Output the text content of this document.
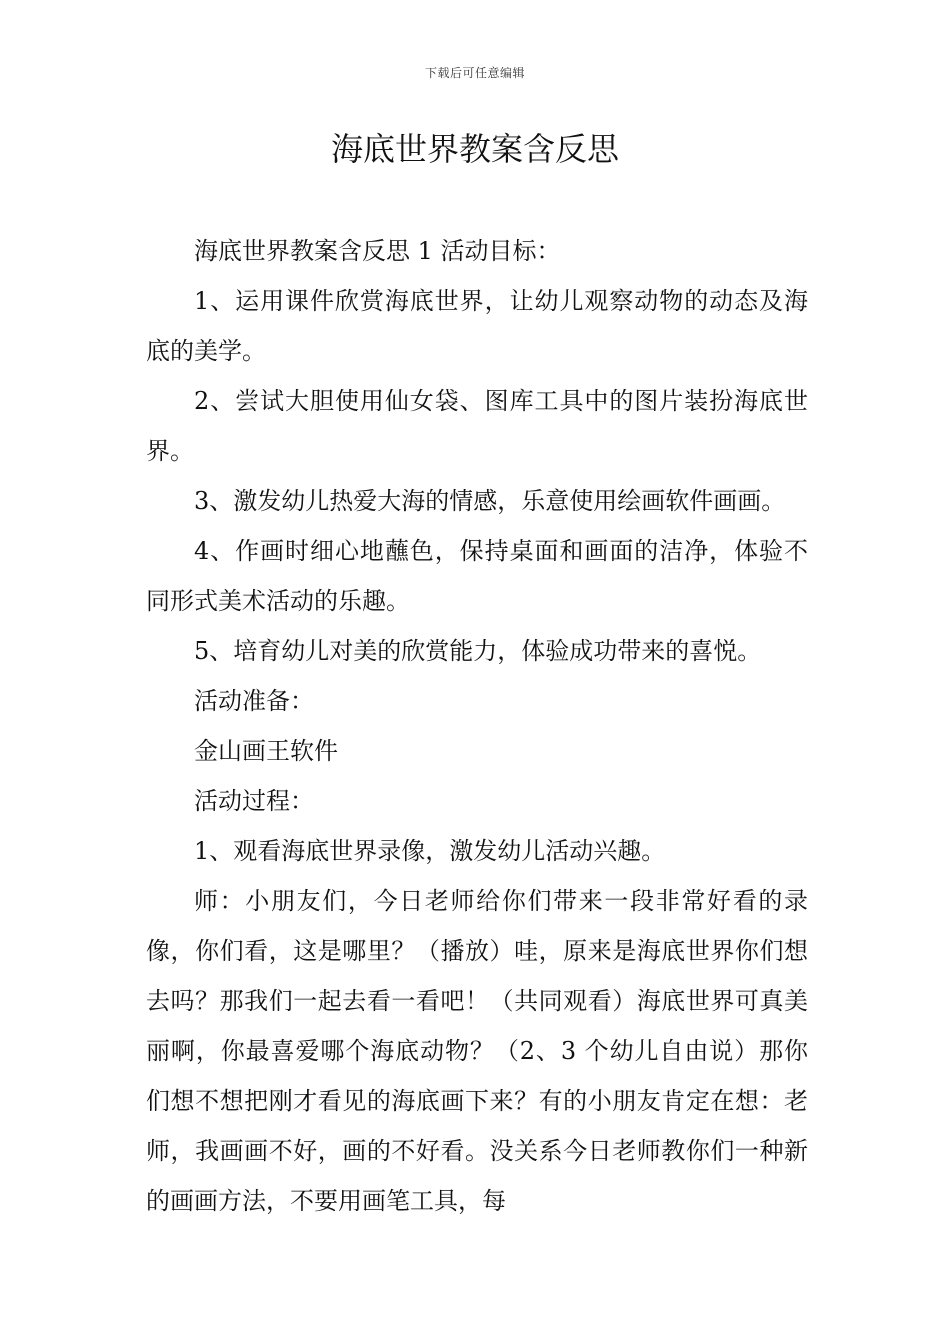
下载后可任意编辑
海底世界教案含反思

海底世界教案含反思 1 活动目标：

1、运用课件欣赏海底世界，让幼儿观察动物的动态及海底的美学。

2、尝试大胆使用仙女袋、图库工具中的图片装扮海底世界。

3、激发幼儿热爱大海的情感，乐意使用绘画软件画画。

4、作画时细心地蘸色，保持桌面和画面的洁净，体验不同形式美术活动的乐趣。

5、培育幼儿对美的欣赏能力，体验成功带来的喜悦。

活动准备：

金山画王软件

活动过程：

1、观看海底世界录像，激发幼儿活动兴趣。

师：小朋友们，今日老师给你们带来一段非常好看的录像，你们看，这是哪里？（播放）哇，原来是海底世界你们想去吗？那我们一起去看一看吧！（共同观看）海底世界可真美丽啊，你最喜爱哪个海底动物？（2、3 个幼儿自由说）那你们想不想把刚才看见的海底画下来？有的小朋友肯定在想：老师，我画画不好，画的不好看。没关系今日老师教你们一种新的画画方法，不要用画笔工具，每
